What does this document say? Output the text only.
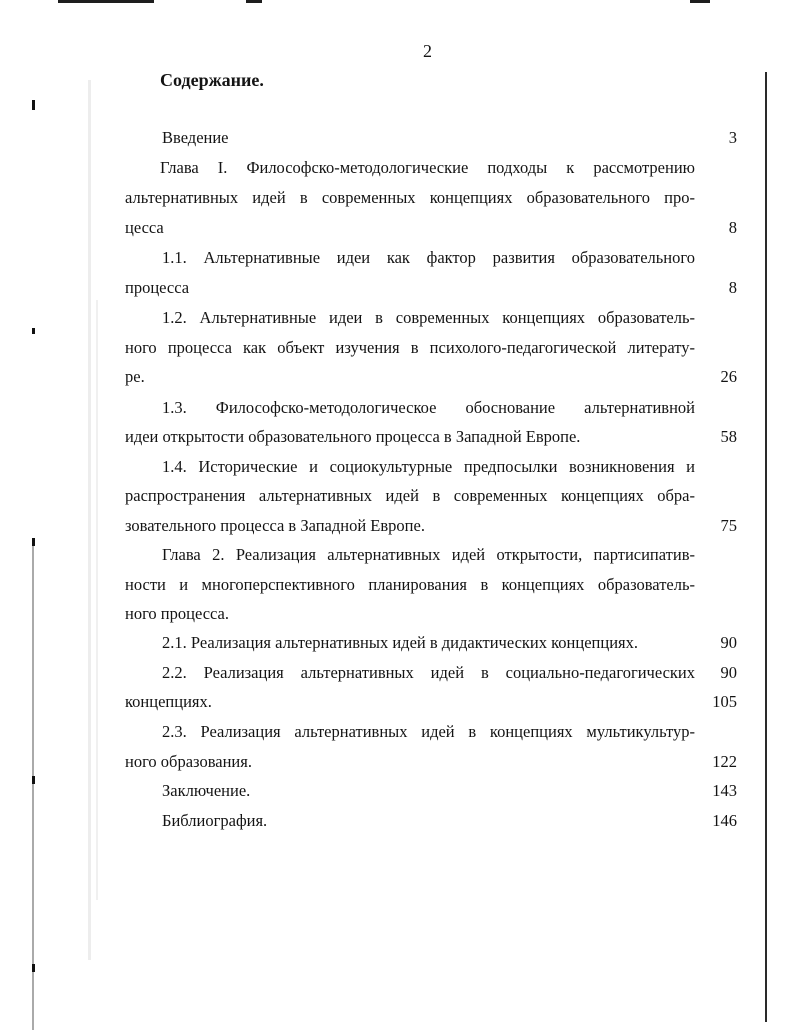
2
Содержание.
Введение	3
Глава I. Философско-методологические подходы к рассмотрению
альтернативных идей в современных концепциях образовательного про-
цесса	8
1.1. Альтернативные идеи как фактор развития образовательного
процесса	8
1.2. Альтернативные идеи в современных концепциях образователь-
ного процесса как объект изучения в психолого-педагогической литерату-
ре.	26
1.3. Философско-методологическое обоснование альтернативной
идеи открытости образовательного процесса в Западной Европе.	58
1.4. Исторические и социокультурные предпосылки возникновения и
распространения альтернативных идей в современных концепциях обра-
зовательного процесса в Западной Европе.	75
Глава 2. Реализация альтернативных идей открытости, партисипатив-
ности и многоперспективного планирования в концепциях образователь-
ного процесса.
2.1. Реализация альтернативных идей в дидактических концепциях.	90
2.2. Реализация альтернативных идей в социально-педагогических 90
концепциях.	105
2.3. Реализация альтернативных идей в концепциях мультикультур-
ного образования.	122
Заключение.	143
Библиография.	146
